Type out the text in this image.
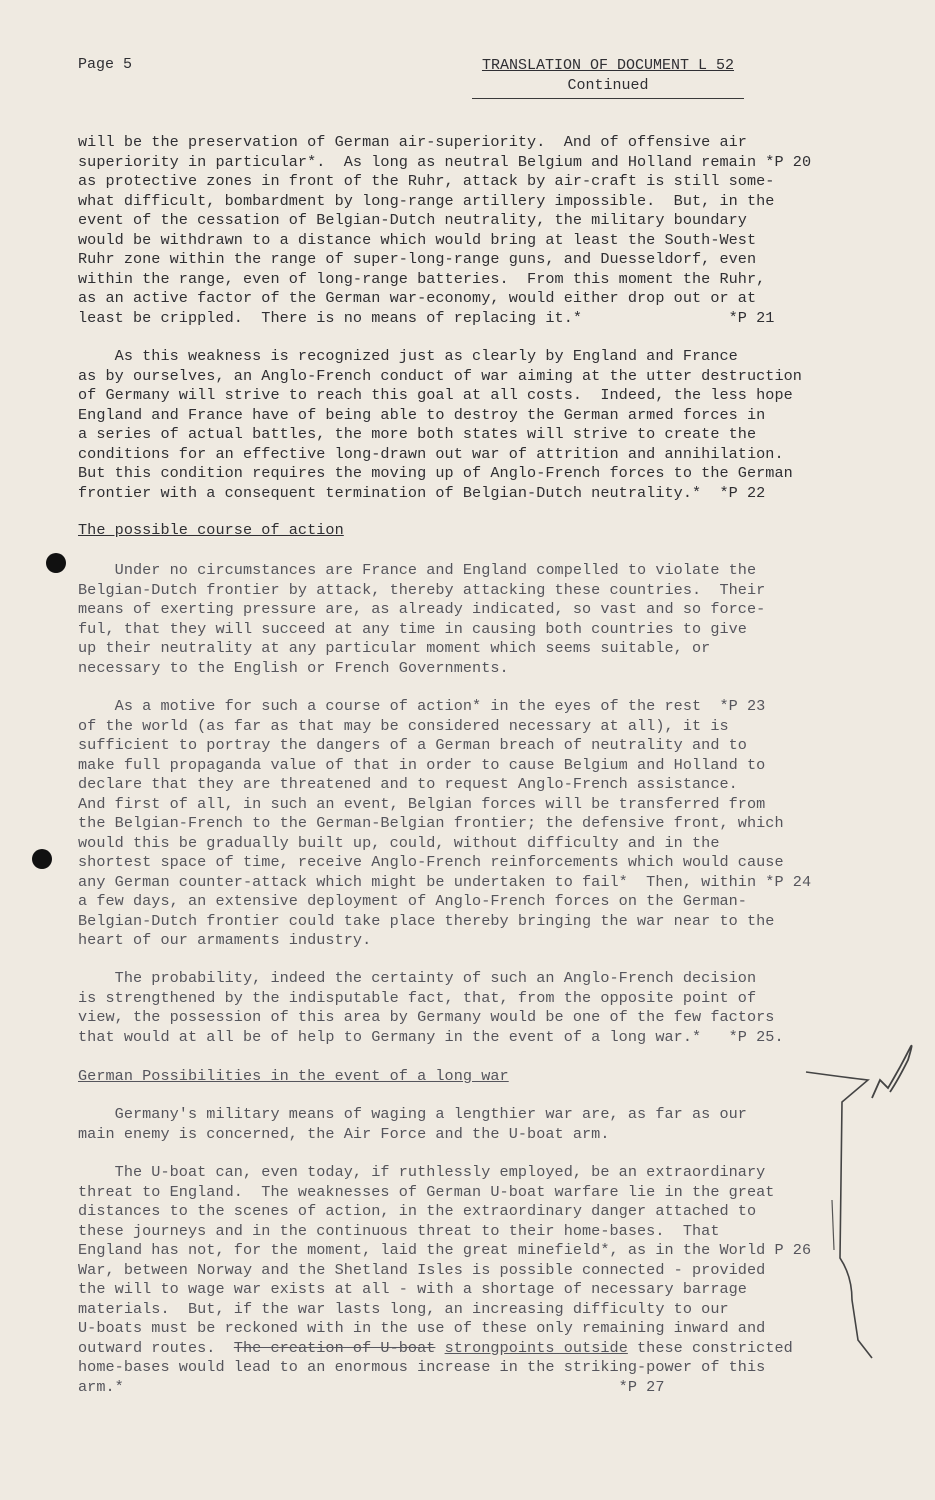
Page 5	TRANSLATION OF DOCUMENT L 52
Continued
will be the preservation of German air-superiority.  And of offensive air
superiority in particular*.  As long as neutral Belgium and Holland remain *P 20
as protective zones in front of the Ruhr, attack by air-craft is still some-
what difficult, bombardment by long-range artillery impossible.  But, in the
event of the cessation of Belgian-Dutch neutrality, the military boundary
would be withdrawn to a distance which would bring at least the South-West
Ruhr zone within the range of super-long-range guns, and Duesseldorf, even
within the range, even of long-range batteries.  From this moment the Ruhr,
as an active factor of the German war-economy, would either drop out or at
least be crippled.  There is no means of replacing it.*                *P 21
As this weakness is recognized just as clearly by England and France
as by ourselves, an Anglo-French conduct of war aiming at the utter destruction
of Germany will strive to reach this goal at all costs.  Indeed, the less hope
England and France have of being able to destroy the German armed forces in
a series of actual battles, the more both states will strive to create the
conditions for an effective long-drawn out war of attrition and annihilation.
But this condition requires the moving up of Anglo-French forces to the German
frontier with a consequent termination of Belgian-Dutch neutrality.*  *P 22
The possible course of action
Under no circumstances are France and England compelled to violate the
Belgian-Dutch frontier by attack, thereby attacking these countries.  Their
means of exerting pressure are, as already indicated, so vast and so force-
ful, that they will succeed at any time in causing both countries to give
up their neutrality at any particular moment which seems suitable, or
necessary to the English or French Governments.
As a motive for such a course of action* in the eyes of the rest  *P 23
of the world (as far as that may be considered necessary at all), it is
sufficient to portray the dangers of a German breach of neutrality and to
make full propaganda value of that in order to cause Belgium and Holland to
declare that they are threatened and to request Anglo-French assistance.
And first of all, in such an event, Belgian forces will be transferred from
the Belgian-French to the German-Belgian frontier; the defensive front, which
would this be gradually built up, could, without difficulty and in the
shortest space of time, receive Anglo-French reinforcements which would cause
any German counter-attack which might be undertaken to fail*  Then, within *P 24
a few days, an extensive deployment of Anglo-French forces on the German-
Belgian-Dutch frontier could take place thereby bringing the war near to the
heart of our armaments industry.
The probability, indeed the certainty of such an Anglo-French decision
is strengthened by the indisputable fact, that, from the opposite point of
view, the possession of this area by Germany would be one of the few factors
that would at all be of help to Germany in the event of a long war.*   *P 25.
German Possibilities in the event of a long war
Germany's military means of waging a lengthier war are, as far as our
main enemy is concerned, the Air Force and the U-boat arm.
The U-boat can, even today, if ruthlessly employed, be an extraordinary
threat to England.  The weaknesses of German U-boat warfare lie in the great
distances to the scenes of action, in the extraordinary danger attached to
these journeys and in the continuous threat to their home-bases.  That
England has not, for the moment, laid the great minefield*, as in the World P 26
War, between Norway and the Shetland Isles is possible connected - provided
the will to wage war exists at all - with a shortage of necessary barrage
materials.  But, if the war lasts long, an increasing difficulty to our
U-boats must be reckoned with in the use of these only remaining inward and
outward routes.  The creation of U-boat strongpoints outside these constricted
home-bases would lead to an enormous increase in the striking-power of this
arm.*                                                      *P 27
